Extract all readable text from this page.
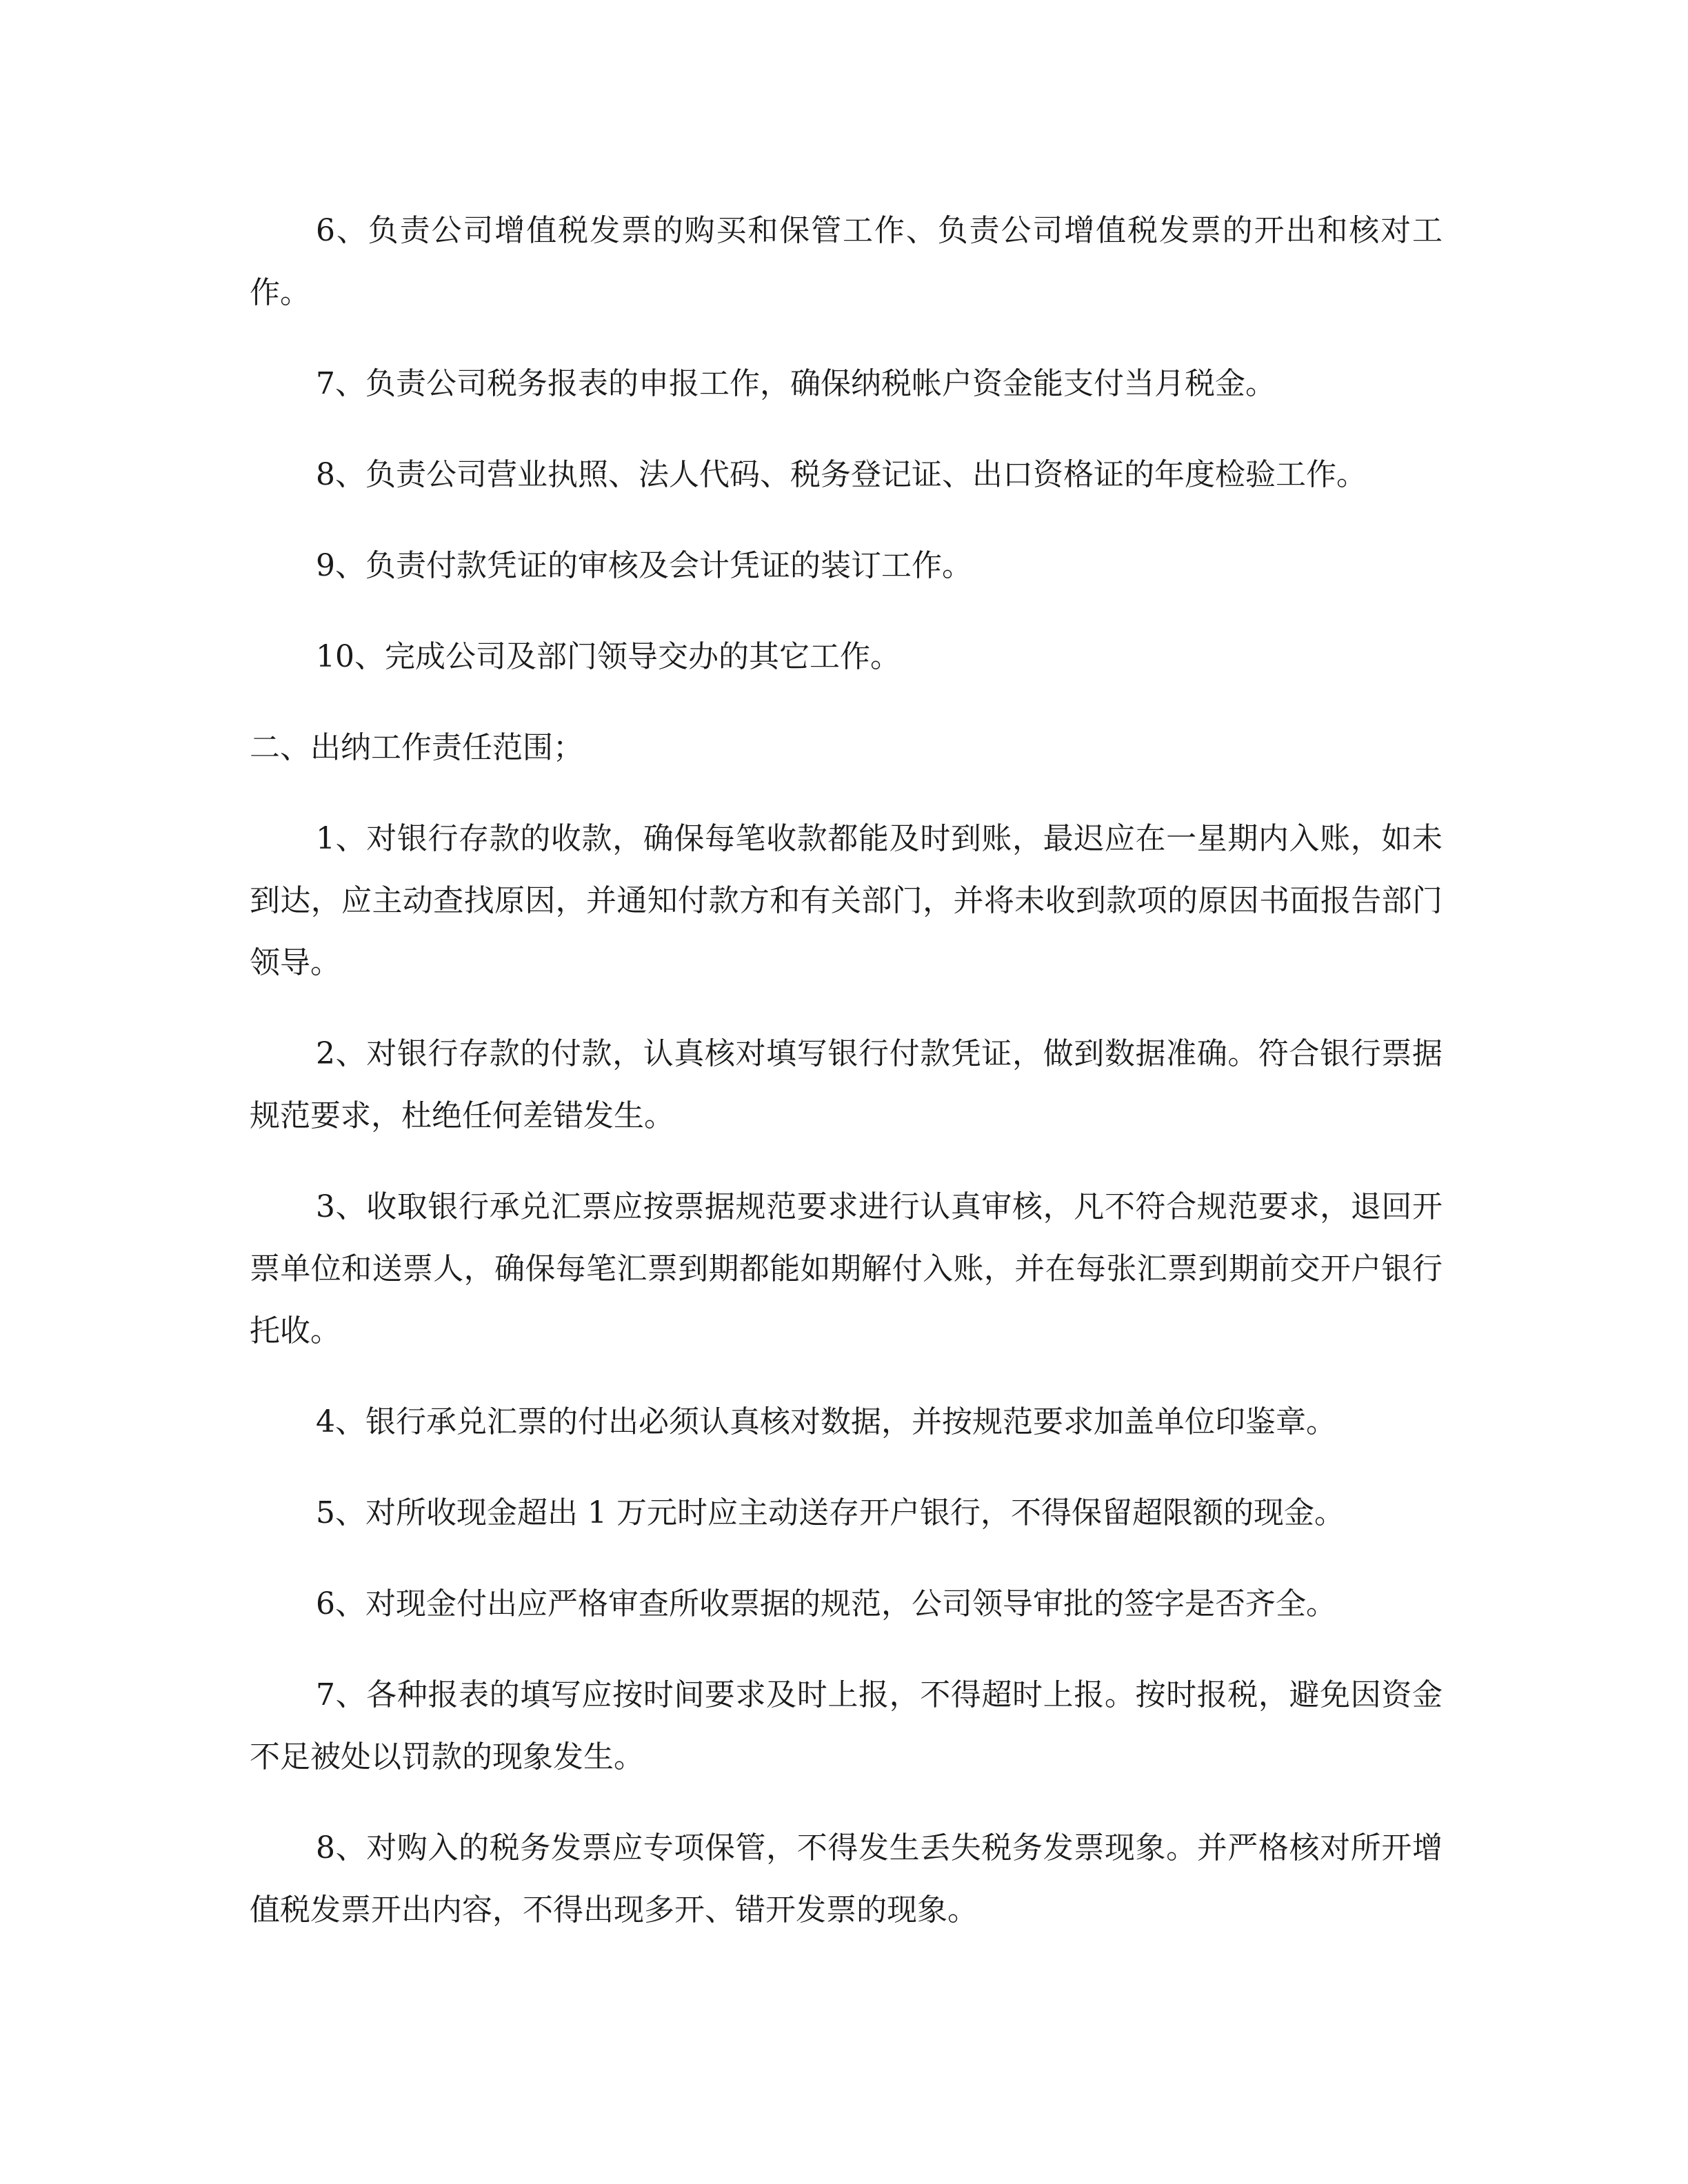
6、负责公司增值税发票的购买和保管工作、负责公司增值税发票的开出和核对工作。

7、负责公司税务报表的申报工作，确保纳税帐户资金能支付当月税金。

8、负责公司营业执照、法人代码、税务登记证、出口资格证的年度检验工作。

9、负责付款凭证的审核及会计凭证的装订工作。

10、完成公司及部门领导交办的其它工作。

二、出纳工作责任范围；

1、对银行存款的收款，确保每笔收款都能及时到账，最迟应在一星期内入账，如未到达，应主动查找原因，并通知付款方和有关部门，并将未收到款项的原因书面报告部门领导。

2、对银行存款的付款，认真核对填写银行付款凭证，做到数据准确。符合银行票据规范要求，杜绝任何差错发生。

3、收取银行承兑汇票应按票据规范要求进行认真审核，凡不符合规范要求，退回开票单位和送票人，确保每笔汇票到期都能如期解付入账，并在每张汇票到期前交开户银行托收。

4、银行承兑汇票的付出必须认真核对数据，并按规范要求加盖单位印鉴章。

5、对所收现金超出 1 万元时应主动送存开户银行，不得保留超限额的现金。

6、对现金付出应严格审查所收票据的规范，公司领导审批的签字是否齐全。

7、各种报表的填写应按时间要求及时上报，不得超时上报。按时报税，避免因资金不足被处以罚款的现象发生。

8、对购入的税务发票应专项保管，不得发生丢失税务发票现象。并严格核对所开增值税发票开出内容，不得出现多开、错开发票的现象。
